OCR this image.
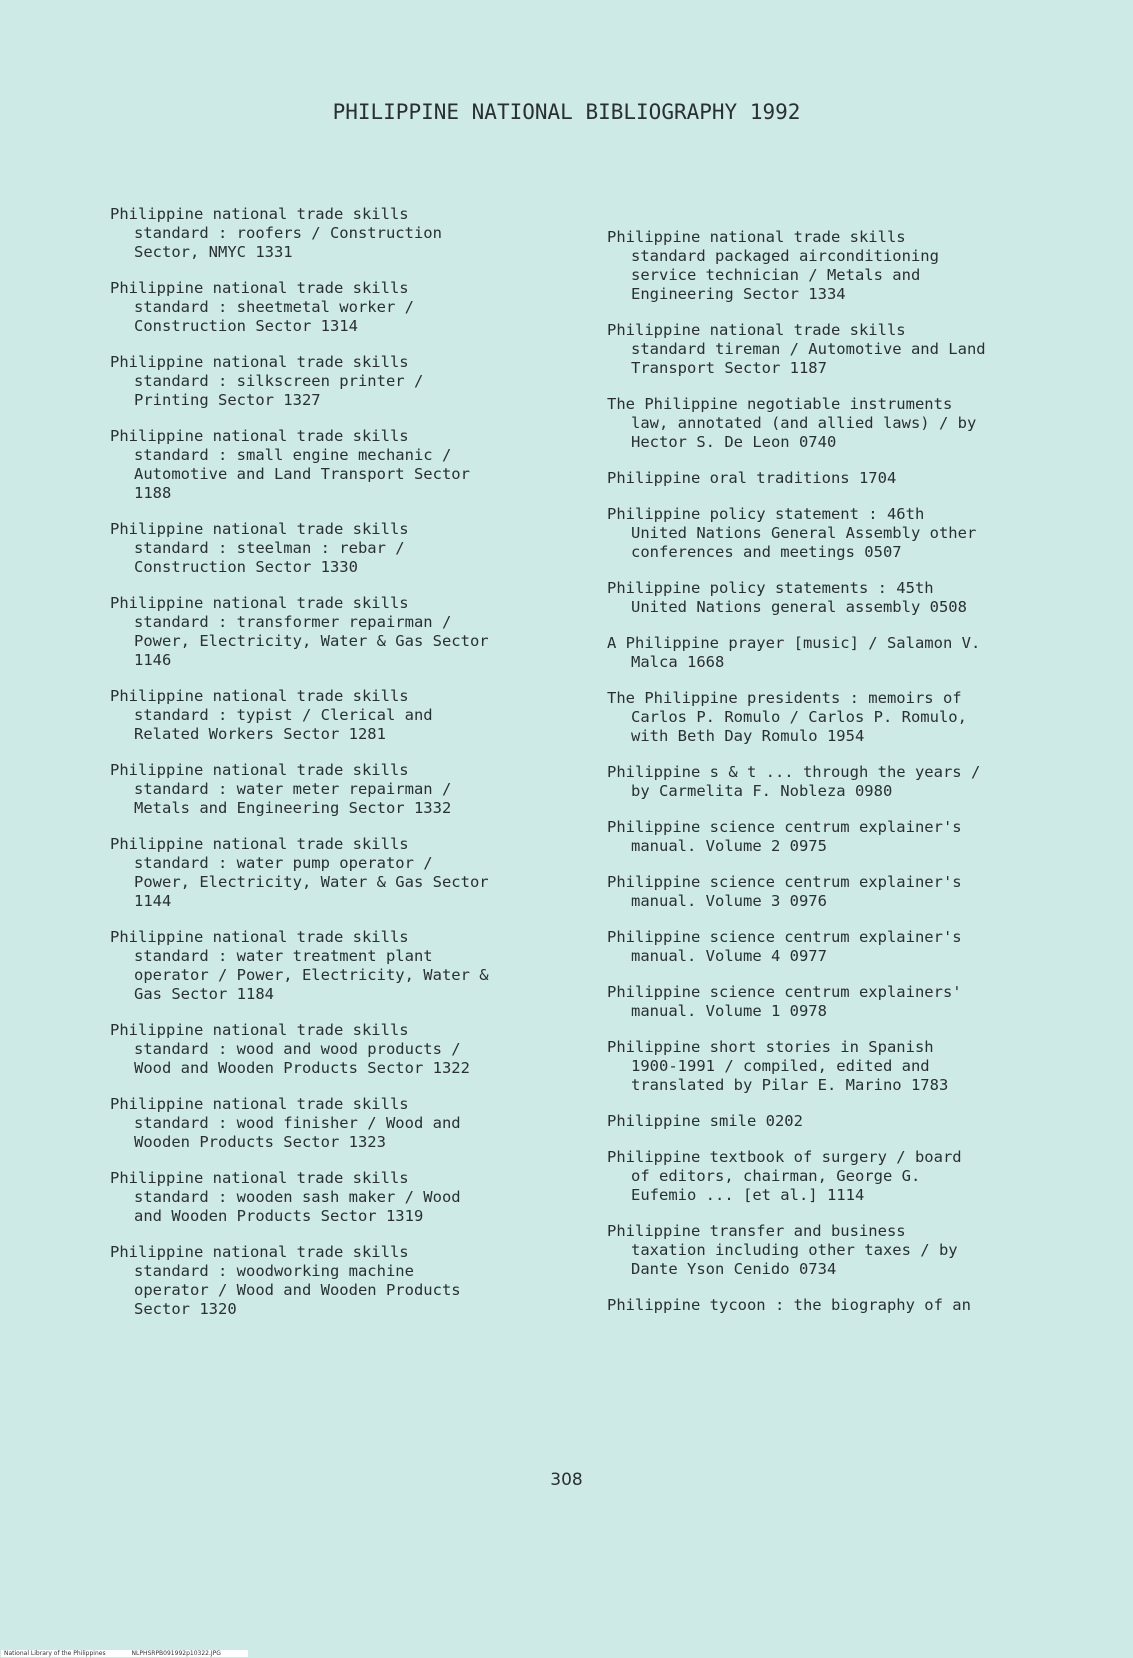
PHILIPPINE NATIONAL BIBLIOGRAPHY 1992
Philippine national trade skills
standard : roofers / Construction
Sector, NMYC 1331
Philippine national trade skills
standard : sheetmetal worker /
Construction Sector 1314
Philippine national trade skills
standard : silkscreen printer /
Printing Sector 1327
Philippine national trade skills
standard : small engine mechanic /
Automotive and Land Transport Sector
1188
Philippine national trade skills
standard : steelman : rebar /
Construction Sector 1330
Philippine national trade skills
standard : transformer repairman /
Power, Electricity, Water & Gas Sector
1146
Philippine national trade skills
standard : typist / Clerical and
Related Workers Sector 1281
Philippine national trade skills
standard : water meter repairman /
Metals and Engineering Sector 1332
Philippine national trade skills
standard : water pump operator /
Power, Electricity, Water & Gas Sector
1144
Philippine national trade skills
standard : water treatment plant
operator / Power, Electricity, Water &
Gas Sector 1184
Philippine national trade skills
standard : wood and wood products /
Wood and Wooden Products Sector 1322
Philippine national trade skills
standard : wood finisher / Wood and
Wooden Products Sector 1323
Philippine national trade skills
standard : wooden sash maker / Wood
and Wooden Products Sector 1319
Philippine national trade skills
standard : woodworking machine
operator / Wood and Wooden Products
Sector 1320
Philippine national trade skills
standard packaged airconditioning
service technician / Metals and
Engineering Sector 1334
Philippine national trade skills
standard tireman / Automotive and Land
Transport Sector 1187
The Philippine negotiable instruments
law, annotated (and allied laws) / by
Hector S. De Leon 0740
Philippine oral traditions 1704
Philippine policy statement : 46th
United Nations General Assembly other
conferences and meetings 0507
Philippine policy statements : 45th
United Nations general assembly 0508
A Philippine prayer [music] / Salamon V.
Malca 1668
The Philippine presidents : memoirs of
Carlos P. Romulo / Carlos P. Romulo,
with Beth Day Romulo 1954
Philippine s & t ... through the years /
by Carmelita F. Nobleza 0980
Philippine science centrum explainer's
manual. Volume 2 0975
Philippine science centrum explainer's
manual. Volume 3 0976
Philippine science centrum explainer's
manual. Volume 4 0977
Philippine science centrum explainers'
manual. Volume 1 0978
Philippine short stories in Spanish
1900-1991 / compiled, edited and
translated by Pilar E. Marino 1783
Philippine smile 0202
Philippine textbook of surgery / board
of editors, chairman, George G.
Eufemio ... [et al.] 1114
Philippine transfer and business
taxation including other taxes / by
Dante Yson Cenido 0734
Philippine tycoon : the biography of an
308
National Library of the Philippines	NLPHSRPB091992p10322.JPG
